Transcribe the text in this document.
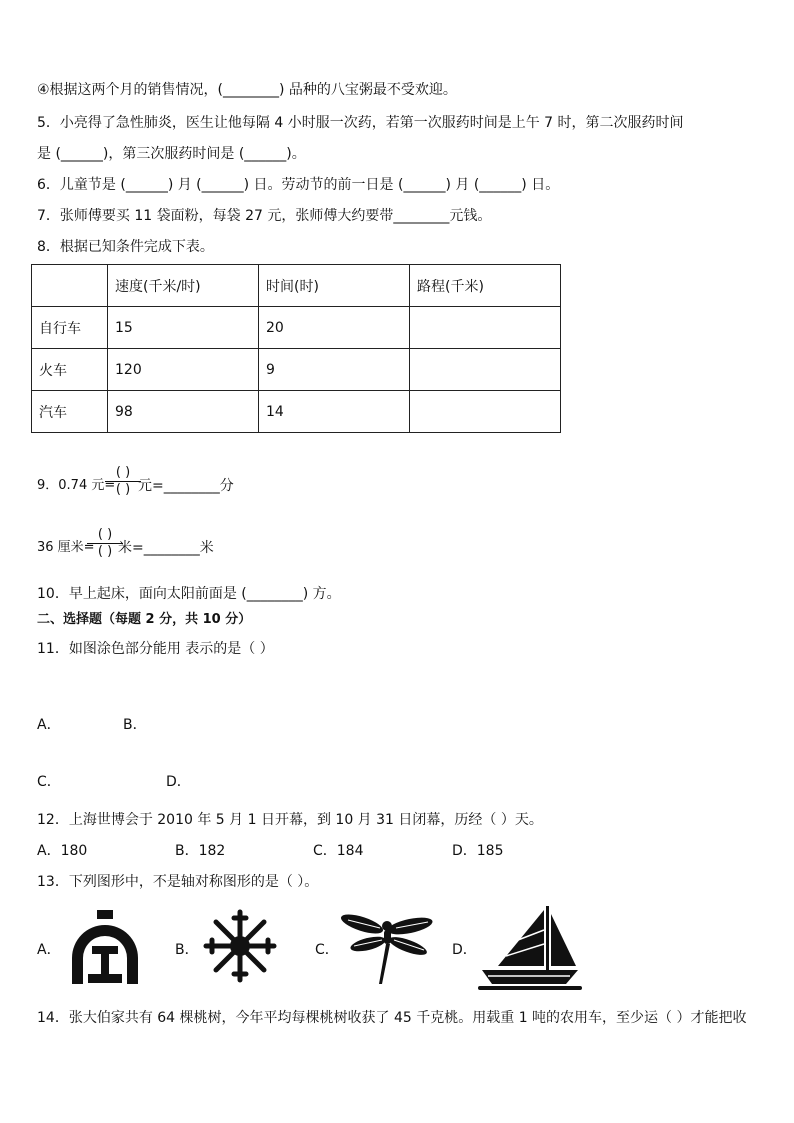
④根据这两个月的销售情况，(________) 品种的八宝粥最不受欢迎。
5．小亮得了急性肺炎，医生让他每隔 4 小时服一次药，若第一次服药时间是上午 7 时，第二次服药时间
是 (______)，第三次服药时间是 (______)。
6．儿童节是 (______) 月 (______) 日。劳动节的前一日是 (______) 月 (______) 日。
7．张师傅要买 11 袋面粉，每袋 27 元，张师傅大约要带________元钱。
8．根据已知条件完成下表。
	速度(千米/时)	时间(时)	路程(千米)
自行车	15	20	
火车	120	9	
汽车	98	14	
9．0.74 元=
( )
( ) 元=________分
36 厘米=
( )
( ) 米=________米
10．早上起床，面向太阳前面是 (________) 方。
二、选择题（每题 2 分，共 10 分）
11．如图涂色部分能用 表示的是（ ）
A．	B．
C．	D．
12．上海世博会于 2010 年 5 月 1 日开幕，到 10 月 31 日闭幕，历经（ ）天。
A．180	B．182	C．184	D．185
13．下列图形中，不是轴对称图形的是（ ）。
A．	B．	C．	D．
14．张大伯家共有 64 棵桃树，今年平均每棵桃树收获了 45 千克桃。用载重 1 吨的农用车，至少运（ ）才能把收
